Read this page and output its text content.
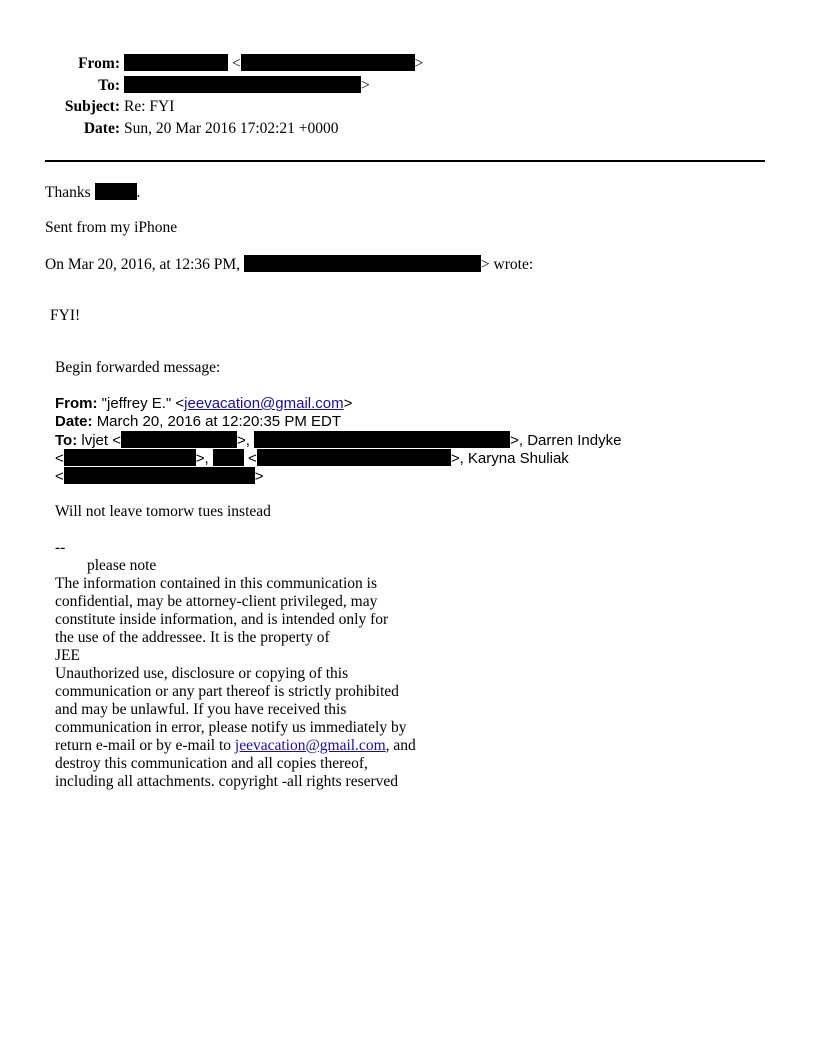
From:	<	>
To:	>
Subject: Re: FYI
Date: Sun, 20 Mar 2016 17:02:21 +0000
Thanks	.
Sent from my iPhone
On Mar 20, 2016, at 12:36 PM,	> wrote:
FYI!
Begin forwarded message:
From: "jeffrey E." <jeevacation@gmail.com>
Date: March 20, 2016 at 12:20:35 PM EDT
To: lvjet <	>,	>, Darren Indyke
<	>,	<	>, Karyna Shuliak
<	>
Will not leave tomorw tues instead
--
please note
The information contained in this communication is
confidential, may be attorney-client privileged, may
constitute inside information, and is intended only for
the use of the addressee. It is the property of
JEE
Unauthorized use, disclosure or copying of this
communication or any part thereof is strictly prohibited
and may be unlawful. If you have received this
communication in error, please notify us immediately by
return e-mail or by e-mail to jeevacation@gmail.com, and
destroy this communication and all copies thereof,
including all attachments. copyright -all rights reserved
